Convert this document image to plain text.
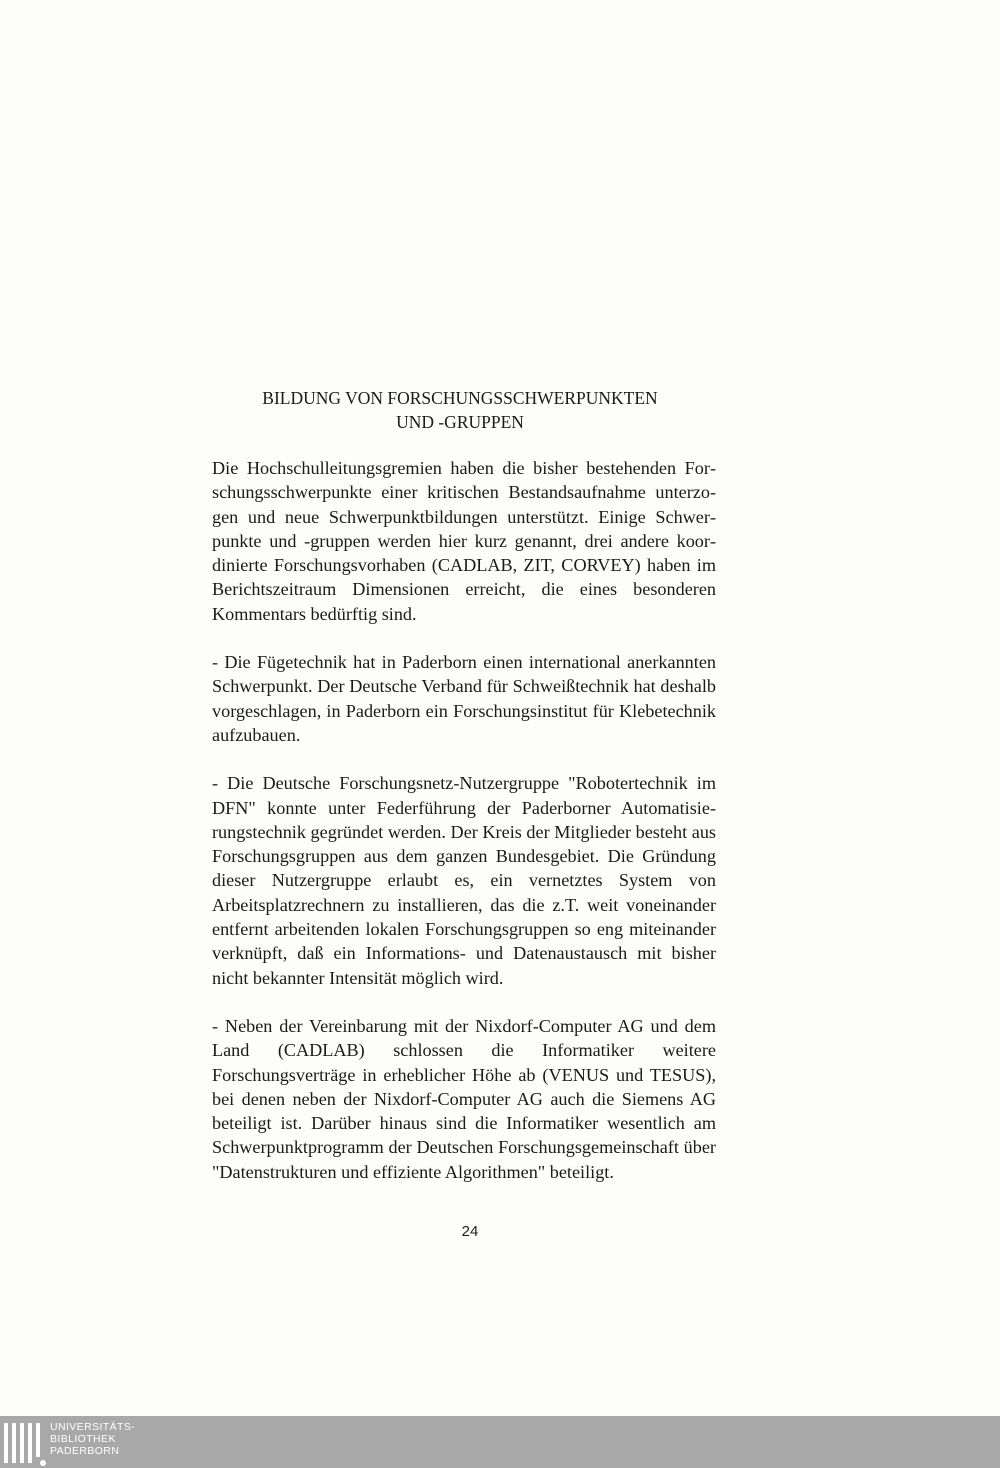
BILDUNG VON FORSCHUNGSSCHWERPUNKTEN
UND -GRUPPEN

Die Hochschulleitungsgremien haben die bisher bestehenden Forschungsschwerpunkte einer kritischen Bestandsaufnahme unterzogen und neue Schwerpunktbildungen unterstützt. Einige Schwerpunkte und -gruppen werden hier kurz genannt, drei andere koordinierte Forschungsvorhaben (CADLAB, ZIT, CORVEY) haben im Berichtszeitraum Dimensionen erreicht, die eines besonderen Kommentars bedürftig sind.

- Die Fügetechnik hat in Paderborn einen international anerkannten Schwerpunkt. Der Deutsche Verband für Schweißtechnik hat deshalb vorgeschlagen, in Paderborn ein Forschungsinstitut für Klebetechnik aufzubauen.

- Die Deutsche Forschungsnetz-Nutzergruppe "Robotertechnik im DFN" konnte unter Federführung der Paderborner Automatisierungstechnik gegründet werden. Der Kreis der Mitglieder besteht aus Forschungsgruppen aus dem ganzen Bundesgebiet. Die Gründung dieser Nutzergruppe erlaubt es, ein vernetztes System von Arbeitsplatzrechnern zu installieren, das die z.T. weit voneinander entfernt arbeitenden lokalen Forschungsgruppen so eng miteinander verknüpft, daß ein Informations- und Datenaustausch mit bisher nicht bekannter Intensität möglich wird.

- Neben der Vereinbarung mit der Nixdorf-Computer AG und dem Land (CADLAB) schlossen die Informatiker weitere Forschungsverträge in erheblicher Höhe ab (VENUS und TESUS), bei denen neben der Nixdorf-Computer AG auch die Siemens AG beteiligt ist. Darüber hinaus sind die Informatiker wesentlich am Schwerpunktprogramm der Deutschen Forschungsgemeinschaft über "Datenstrukturen und effiziente Algorithmen" beteiligt.

24
UNIVERSITÄTS-
BIBLIOTHEK
PADERBORN
